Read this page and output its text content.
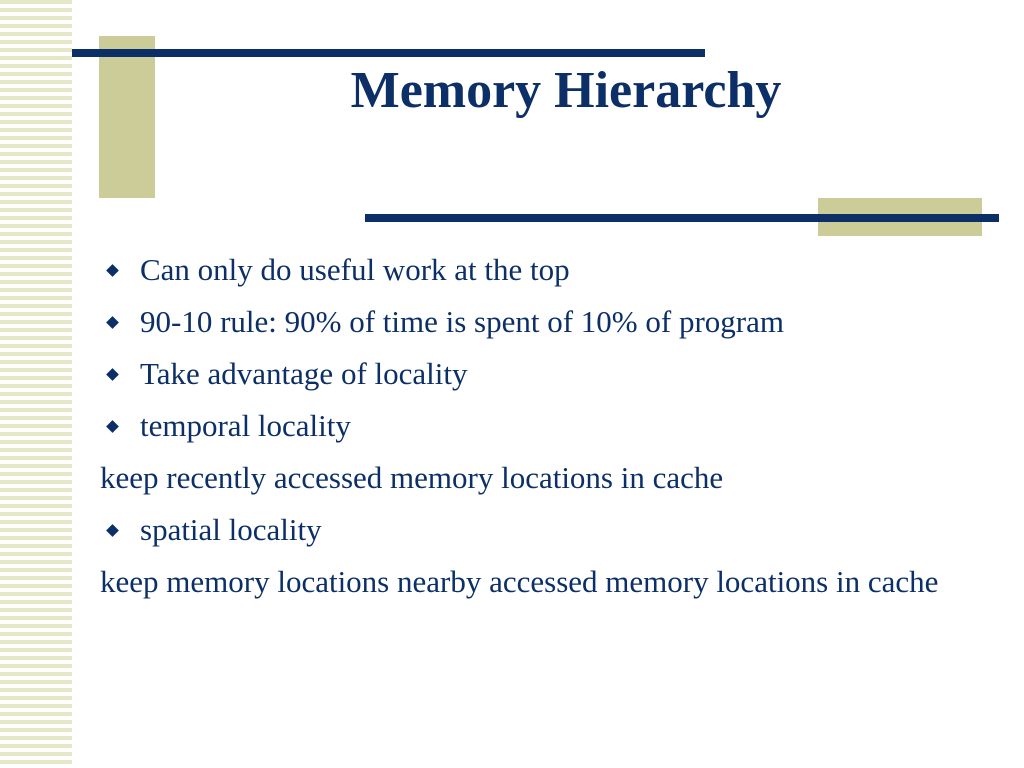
Memory Hierarchy
Can only do useful work at the top
90-10 rule: 90% of time is spent of 10% of program
Take advantage of locality
temporal locality
keep recently accessed memory locations in cache
spatial locality
keep memory locations nearby accessed memory locations in cache
